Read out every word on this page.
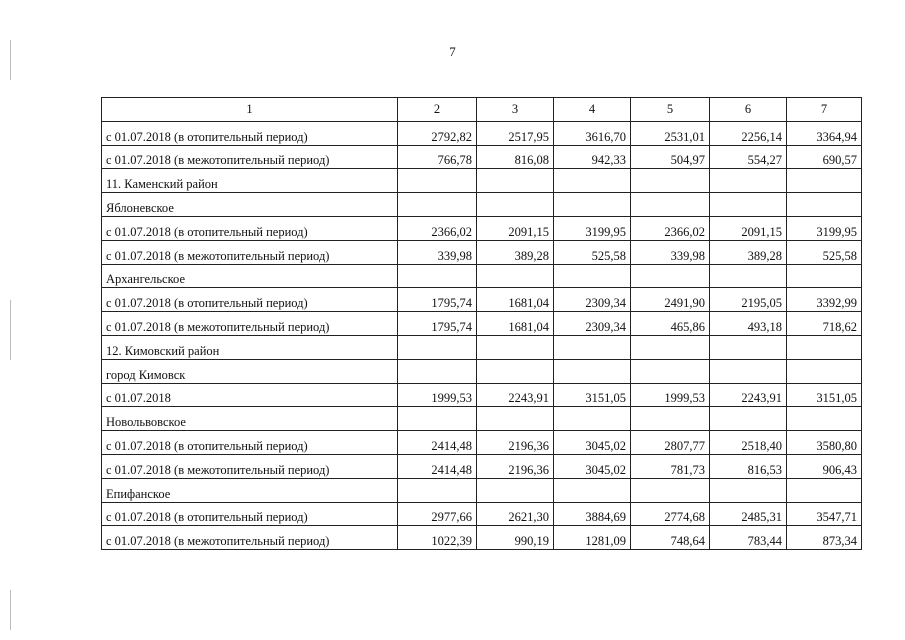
7
1	2	3	4	5	6	7
с 01.07.2018 (в отопительный период)	2792,82	2517,95	3616,70	2531,01	2256,14	3364,94
с 01.07.2018 (в межотопительный период)	766,78	816,08	942,33	504,97	554,27	690,57
11. Каменский район						
Яблоневское						
с 01.07.2018 (в отопительный период)	2366,02	2091,15	3199,95	2366,02	2091,15	3199,95
с 01.07.2018 (в межотопительный период)	339,98	389,28	525,58	339,98	389,28	525,58
Архангельское						
с 01.07.2018 (в отопительный период)	1795,74	1681,04	2309,34	2491,90	2195,05	3392,99
с 01.07.2018 (в межотопительный период)	1795,74	1681,04	2309,34	465,86	493,18	718,62
12. Кимовский район						
город Кимовск						
с 01.07.2018	1999,53	2243,91	3151,05	1999,53	2243,91	3151,05
Новольвовское						
с 01.07.2018 (в отопительный период)	2414,48	2196,36	3045,02	2807,77	2518,40	3580,80
с 01.07.2018 (в межотопительный период)	2414,48	2196,36	3045,02	781,73	816,53	906,43
Епифанское						
с 01.07.2018 (в отопительный период)	2977,66	2621,30	3884,69	2774,68	2485,31	3547,71
с 01.07.2018 (в межотопительный период)	1022,39	990,19	1281,09	748,64	783,44	873,34
